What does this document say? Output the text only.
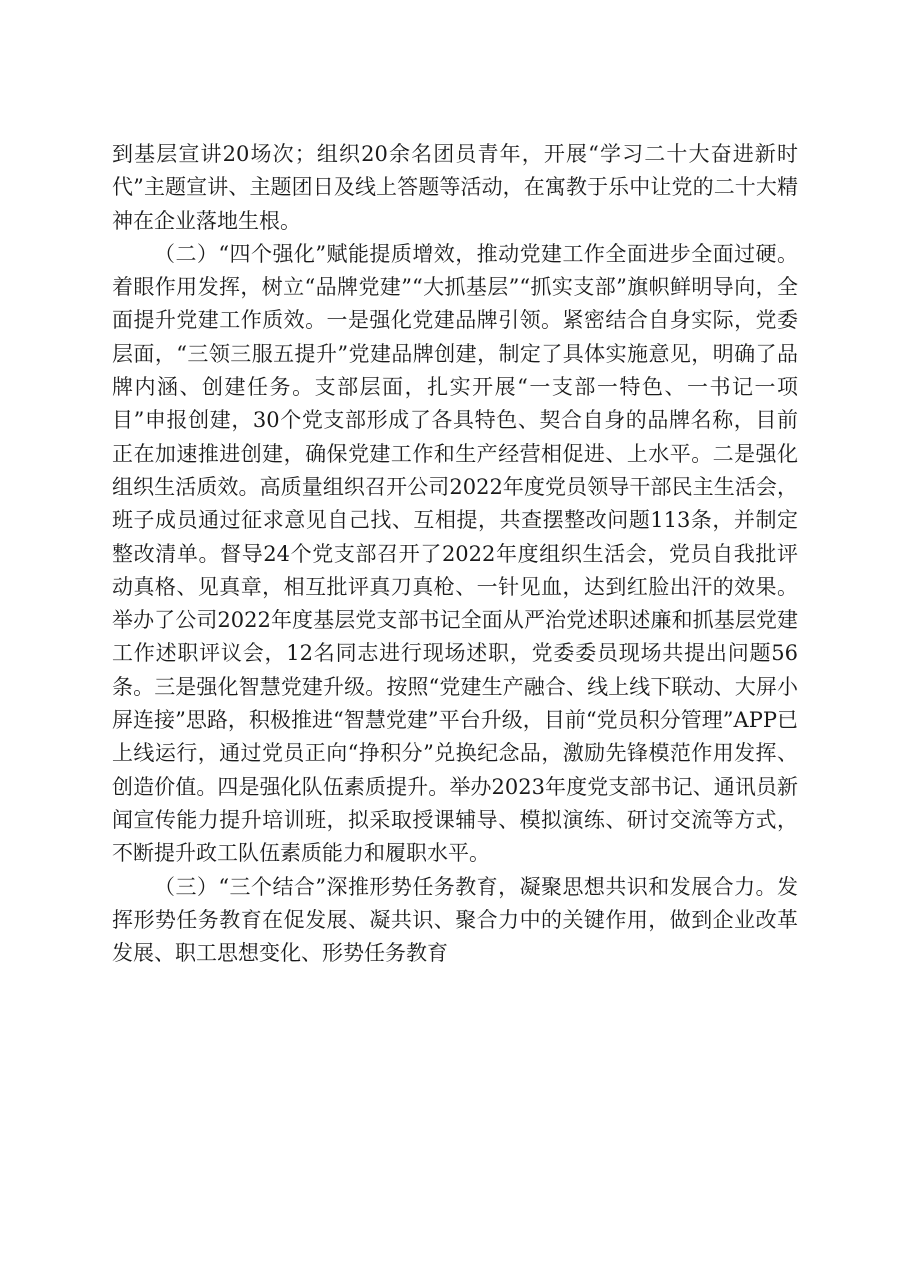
到基层宣讲20场次；组织20余名团员青年，开展“学习二十大奋进新时代”主题宣讲、主题团日及线上答题等活动，在寓教于乐中让党的二十大精神在企业落地生根。

（二）“四个强化”赋能提质增效，推动党建工作全面进步全面过硬。着眼作用发挥，树立“品牌党建”“大抓基层”“抓实支部”旗帜鲜明导向，全面提升党建工作质效。一是强化党建品牌引领。紧密结合自身实际，党委层面，“三领三服五提升”党建品牌创建，制定了具体实施意见，明确了品牌内涵、创建任务。支部层面，扎实开展“一支部一特色、一书记一项目”申报创建，30个党支部形成了各具特色、契合自身的品牌名称，目前正在加速推进创建，确保党建工作和生产经营相促进、上水平。二是强化组织生活质效。高质量组织召开公司2022年度党员领导干部民主生活会，班子成员通过征求意见自己找、互相提，共查摆整改问题113条，并制定整改清单。督导24个党支部召开了2022年度组织生活会，党员自我批评动真格、见真章，相互批评真刀真枪、一针见血，达到红脸出汗的效果。举办了公司2022年度基层党支部书记全面从严治党述职述廉和抓基层党建工作述职评议会，12名同志进行现场述职，党委委员现场共提出问题56条。三是强化智慧党建升级。按照“党建生产融合、线上线下联动、大屏小屏连接”思路，积极推进“智慧党建”平台升级，目前“党员积分管理”APP已上线运行，通过党员正向“挣积分”兑换纪念品，激励先锋模范作用发挥、创造价值。四是强化队伍素质提升。举办2023年度党支部书记、通讯员新闻宣传能力提升培训班，拟采取授课辅导、模拟演练、研讨交流等方式，不断提升政工队伍素质能力和履职水平。

（三）“三个结合”深推形势任务教育，凝聚思想共识和发展合力。发挥形势任务教育在促发展、凝共识、聚合力中的关键作用，做到企业改革发展、职工思想变化、形势任务教育
